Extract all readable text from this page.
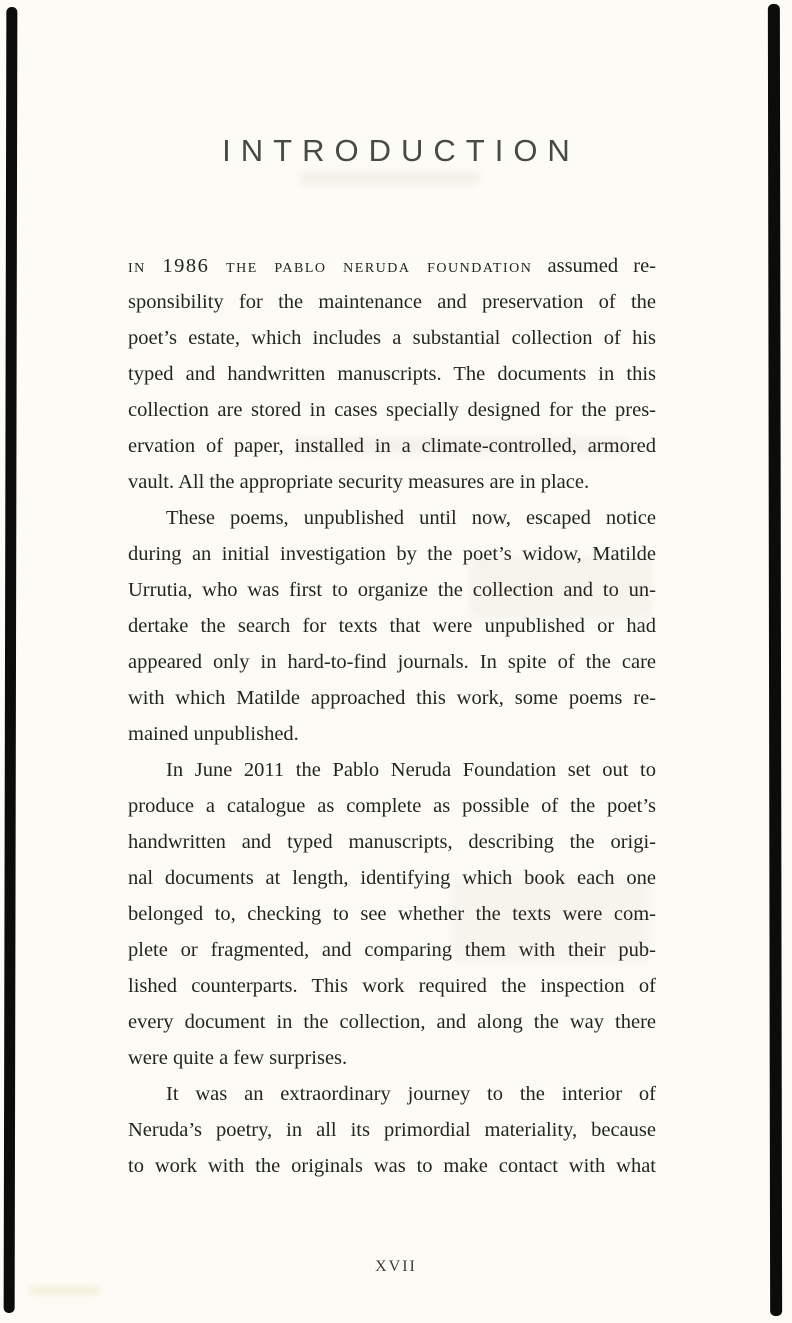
INTRODUCTION
in 1986 the pablo neruda foundation assumed re-
sponsibility for the maintenance and preservation of the
poet’s estate, which includes a substantial collection of his
typed and handwritten manuscripts. The documents in this
collection are stored in cases specially designed for the pres-
ervation of paper, installed in a climate-controlled, armored
vault. All the appropriate security measures are in place.
These poems, unpublished until now, escaped notice
during an initial investigation by the poet’s widow, Matilde
Urrutia, who was first to organize the collection and to un-
dertake the search for texts that were unpublished or had
appeared only in hard-to-find journals. In spite of the care
with which Matilde approached this work, some poems re-
mained unpublished.
In June 2011 the Pablo Neruda Foundation set out to
produce a catalogue as complete as possible of the poet’s
handwritten and typed manuscripts, describing the origi-
nal documents at length, identifying which book each one
belonged to, checking to see whether the texts were com-
plete or fragmented, and comparing them with their pub-
lished counterparts. This work required the inspection of
every document in the collection, and along the way there
were quite a few surprises.
It was an extraordinary journey to the interior of
Neruda’s poetry, in all its primordial materiality, because
to work with the originals was to make contact with what
XVII
